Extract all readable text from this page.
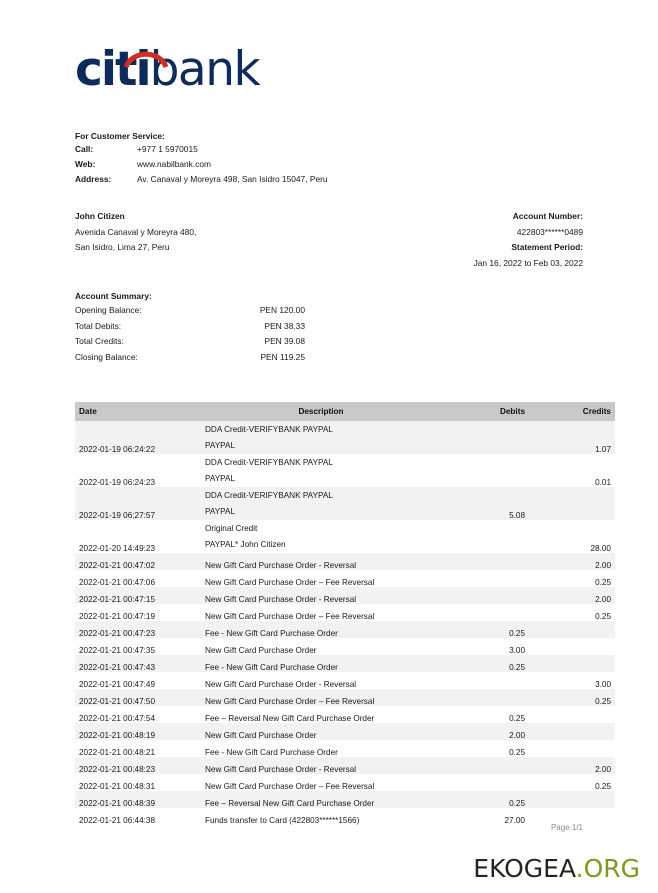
citibank
For Customer Service:
Call:	+977 1 5970015
Web:	www.nabilbank.com
Address:	Av. Canaval y Moreyra 498, San Isidro 15047, Peru
John Citizen
Avenida Canaval y Moreyra 480,
San Isidro, Lima 27, Peru
Account Number:
422803******0489
Statement Period:
Jan 16, 2022 to Feb 03, 2022
Account Summary:
Opening Balance:	PEN 120.00
Total Debits:	PEN 38.33
Total Credits:	PEN 39.08
Closing Balance:	PEN 119.25
Date	Description	Debits	Credits
2022-01-19 06:24:22	DDA Credit-VERIFYBANK PAYPAL
PAYPAL		1.07
2022-01-19 06:24:23	DDA Credit-VERIFYBANK PAYPAL
PAYPAL		0.01
2022-01-19 06:27:57	DDA Credit-VERIFYBANK PAYPAL
PAYPAL	5.08	
2022-01-20 14:49:23	Original Credit
PAYPAL* John Citizen		28.00
2022-01-21 00:47:02	New Gift Card Purchase Order - Reversal		2.00
2022-01-21 00:47:06	New Gift Card Purchase Order – Fee Reversal		0.25
2022-01-21 00:47:15	New Gift Card Purchase Order - Reversal		2.00
2022-01-21 00:47:19	New Gift Card Purchase Order – Fee Reversal		0.25
2022-01-21 00:47:23	Fee - New Gift Card Purchase Order	0.25	
2022-01-21 00:47:35	New Gift Card Purchase Order	3.00	
2022-01-21 00:47:43	Fee - New Gift Card Purchase Order	0.25	
2022-01-21 00:47:49	New Gift Card Purchase Order - Reversal		3.00
2022-01-21 00:47:50	New Gift Card Purchase Order – Fee Reversal		0.25
2022-01-21 00:47:54	Fee – Reversal New Gift Card Purchase Order	0.25	
2022-01-21 00:48:19	New Gift Card Purchase Order	2.00	
2022-01-21 00:48:21	Fee - New Gift Card Purchase Order	0.25	
2022-01-21 00:48:23	New Gift Card Purchase Order - Reversal		2.00
2022-01-21 00:48:31	New Gift Card Purchase Order – Fee Reversal		0.25
2022-01-21 00:48:39	Fee – Reversal New Gift Card Purchase Order	0.25	
2022-01-21 06:44:38	Funds transfer to Card (422803******1566)	27.00	
Page 1/1
EKOGEA.ORG
